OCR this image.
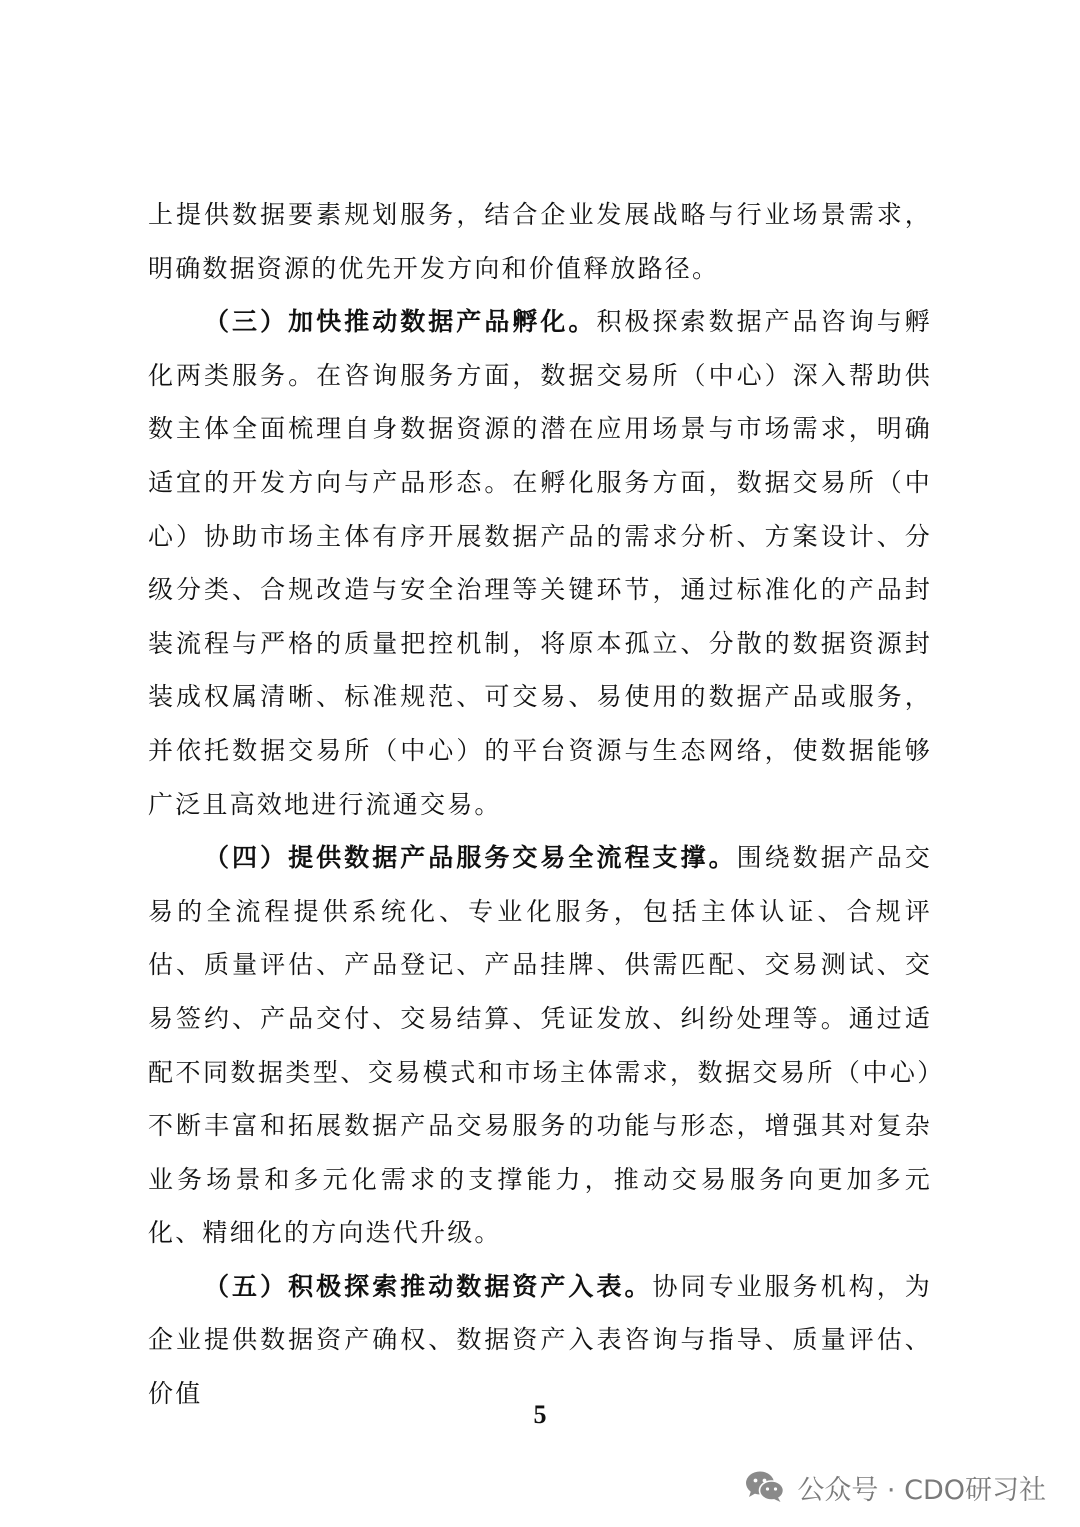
上提供数据要素规划服务，结合企业发展战略与行业场景需求，明确数据资源的优先开发方向和价值释放路径。

（三）加快推动数据产品孵化。积极探索数据产品咨询与孵化两类服务。在咨询服务方面，数据交易所（中心）深入帮助供数主体全面梳理自身数据资源的潜在应用场景与市场需求，明确适宜的开发方向与产品形态。在孵化服务方面，数据交易所（中心）协助市场主体有序开展数据产品的需求分析、方案设计、分级分类、合规改造与安全治理等关键环节，通过标准化的产品封装流程与严格的质量把控机制，将原本孤立、分散的数据资源封装成权属清晰、标准规范、可交易、易使用的数据产品或服务，并依托数据交易所（中心）的平台资源与生态网络，使数据能够广泛且高效地进行流通交易。

（四）提供数据产品服务交易全流程支撑。围绕数据产品交易的全流程提供系统化、专业化服务，包括主体认证、合规评估、质量评估、产品登记、产品挂牌、供需匹配、交易测试、交易签约、产品交付、交易结算、凭证发放、纠纷处理等。通过适配不同数据类型、交易模式和市场主体需求，数据交易所（中心）不断丰富和拓展数据产品交易服务的功能与形态，增强其对复杂业务场景和多元化需求的支撑能力，推动交易服务向更加多元化、精细化的方向迭代升级。

（五）积极探索推动数据资产入表。协同专业服务机构，为企业提供数据资产确权、数据资产入表咨询与指导、质量评估、价值

5
公众号 · CDO研习社
